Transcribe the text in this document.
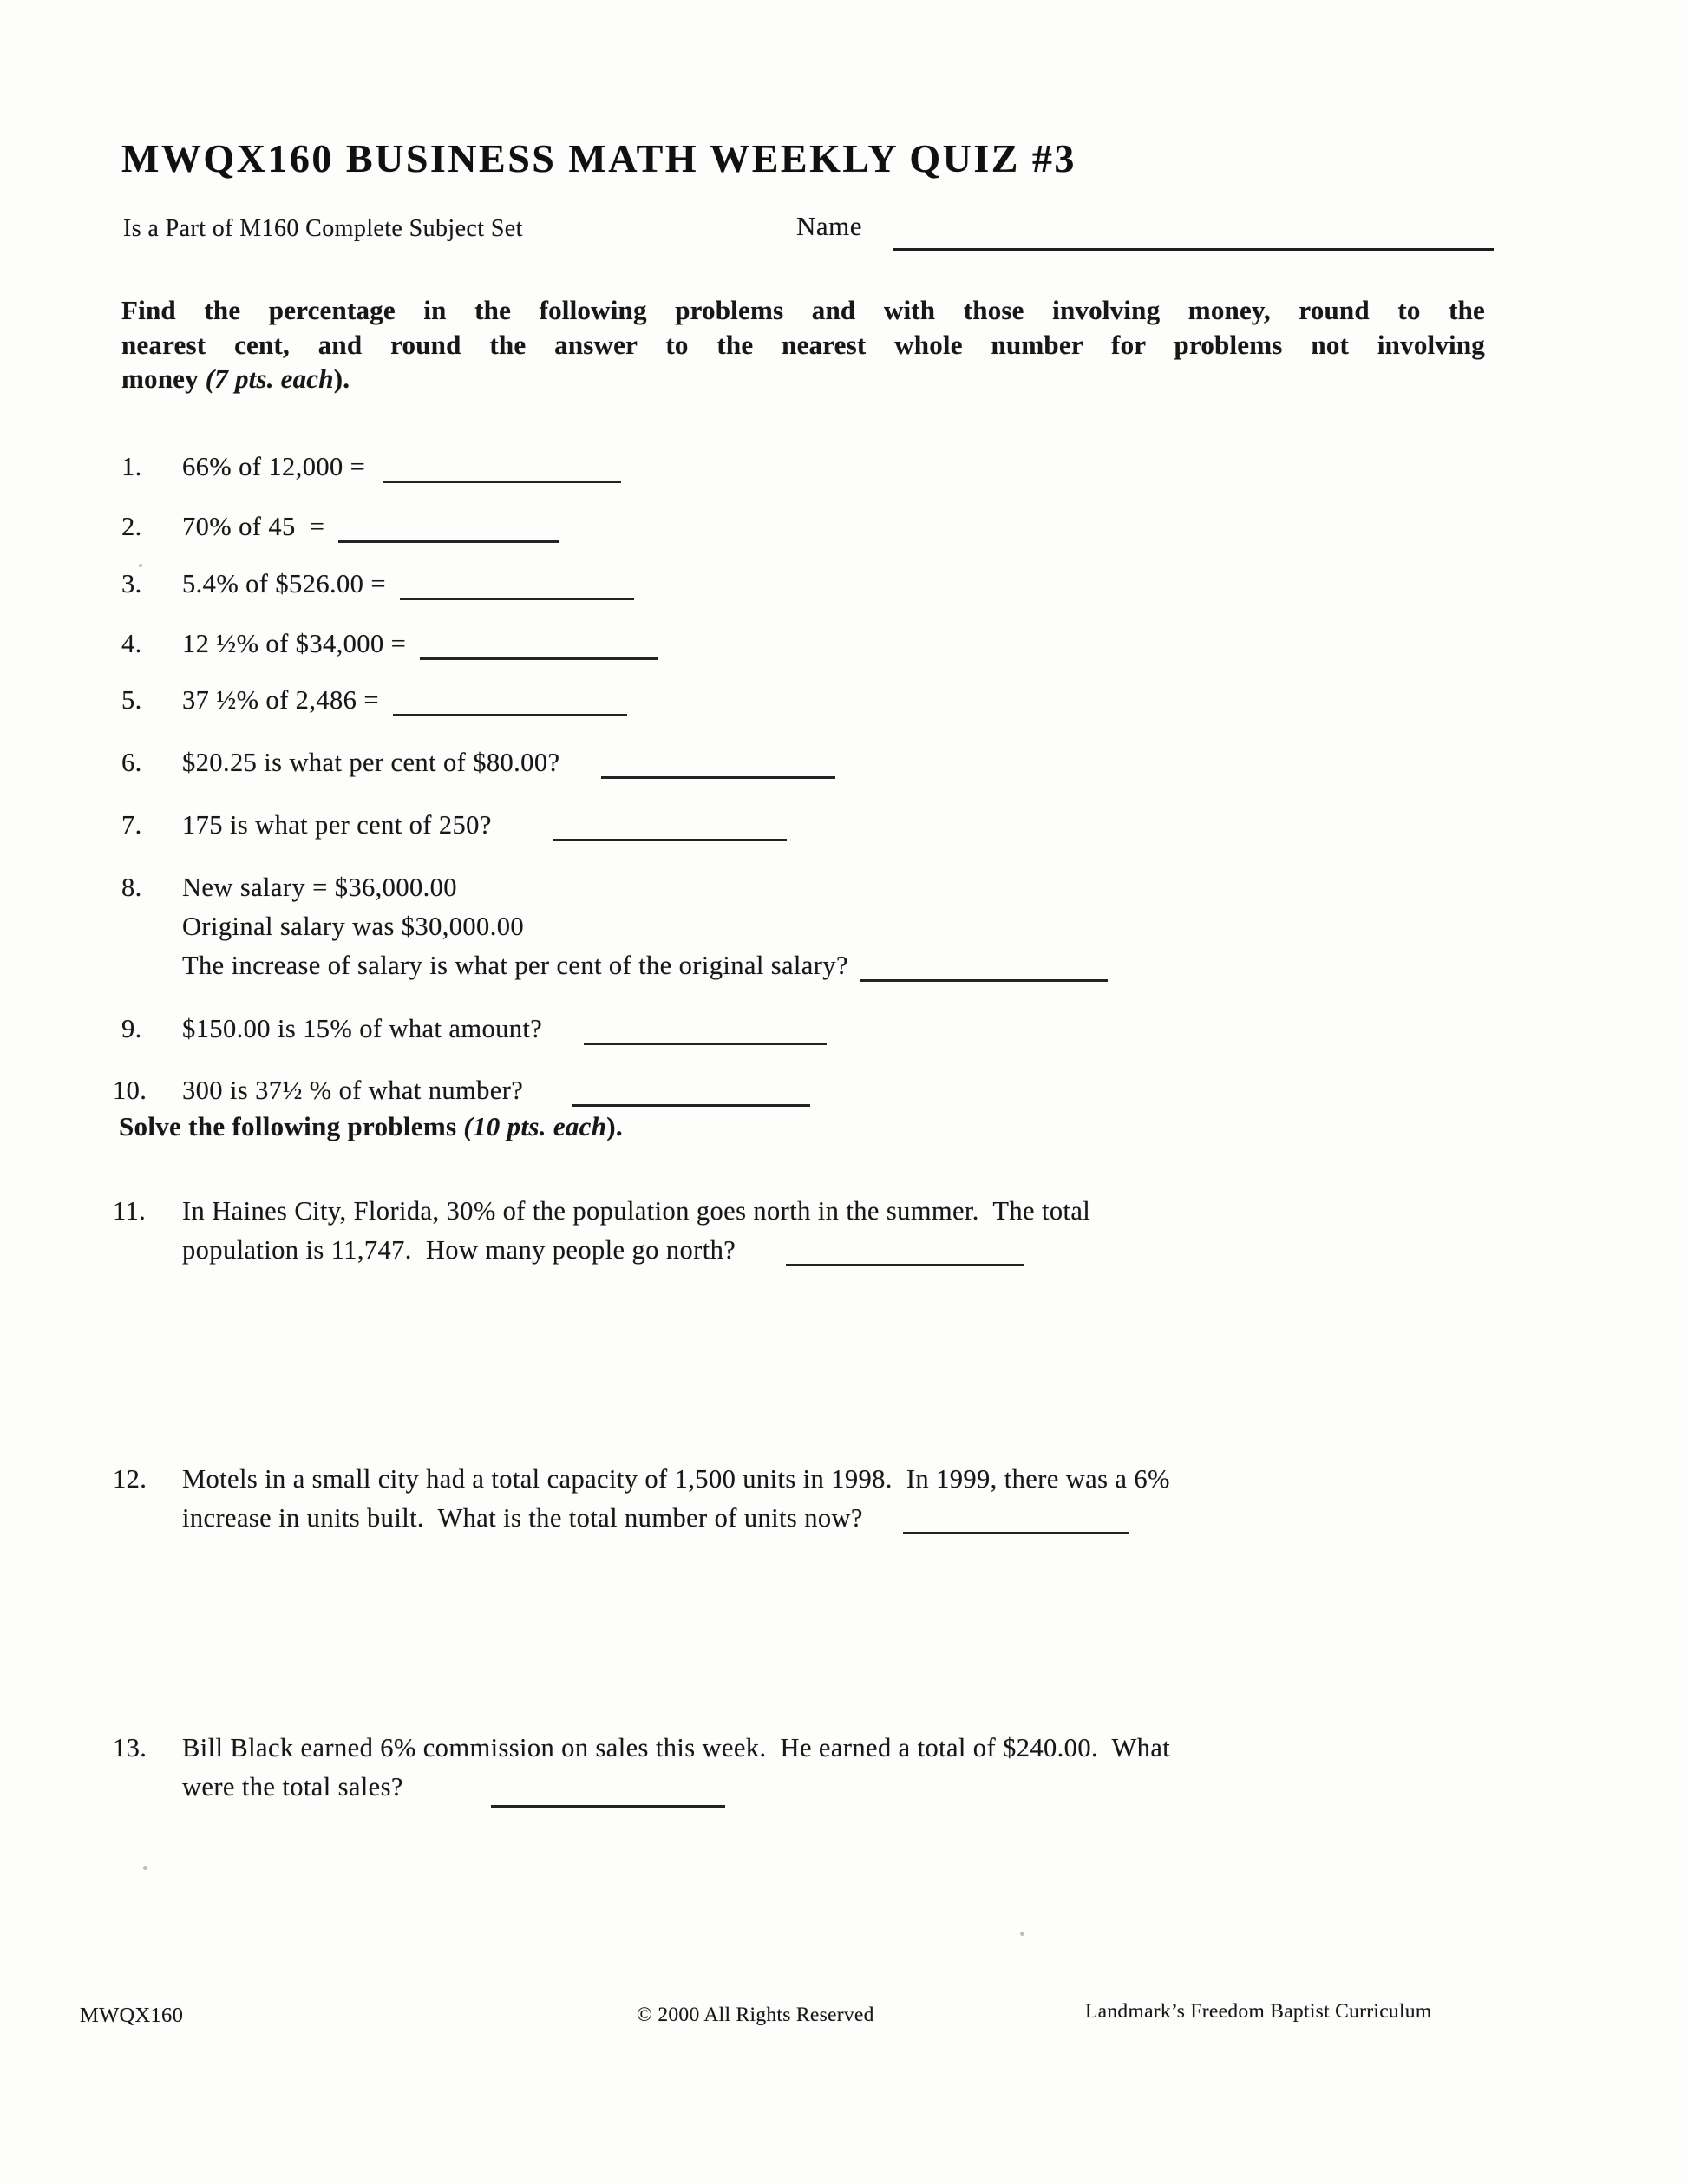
MWQX160 BUSINESS MATH WEEKLY QUIZ #3
Is a Part of M160 Complete Subject Set	Name
Find the percentage in the following problems and with those involving money, round to the
nearest cent, and round the answer to the nearest whole number for problems not involving
money (7 pts. each).
1.	66% of 12,000 =
2.	70% of 45  =
3.	5.4% of $526.00 =
4.	12 ½% of $34,000 =
5.	37 ½% of 2,486 =
6.	$20.25 is what per cent of $80.00?
7.	175 is what per cent of 250?
8.	New salary = $36,000.00
Original salary was $30,000.00
The increase of salary is what per cent of the original salary?
9.	$150.00 is 15% of what amount?
10.	300 is 37½ % of what number?
Solve the following problems (10 pts. each).
11.	In Haines City, Florida, 30% of the population goes north in the summer.  The total
population is 11,747.  How many people go north?
12.	Motels in a small city had a total capacity of 1,500 units in 1998.  In 1999, there was a 6%
increase in units built.  What is the total number of units now?
13.	Bill Black earned 6% commission on sales this week.  He earned a total of $240.00.  What
were the total sales?
MWQX160	© 2000 All Rights Reserved	Landmark’s Freedom Baptist Curriculum
